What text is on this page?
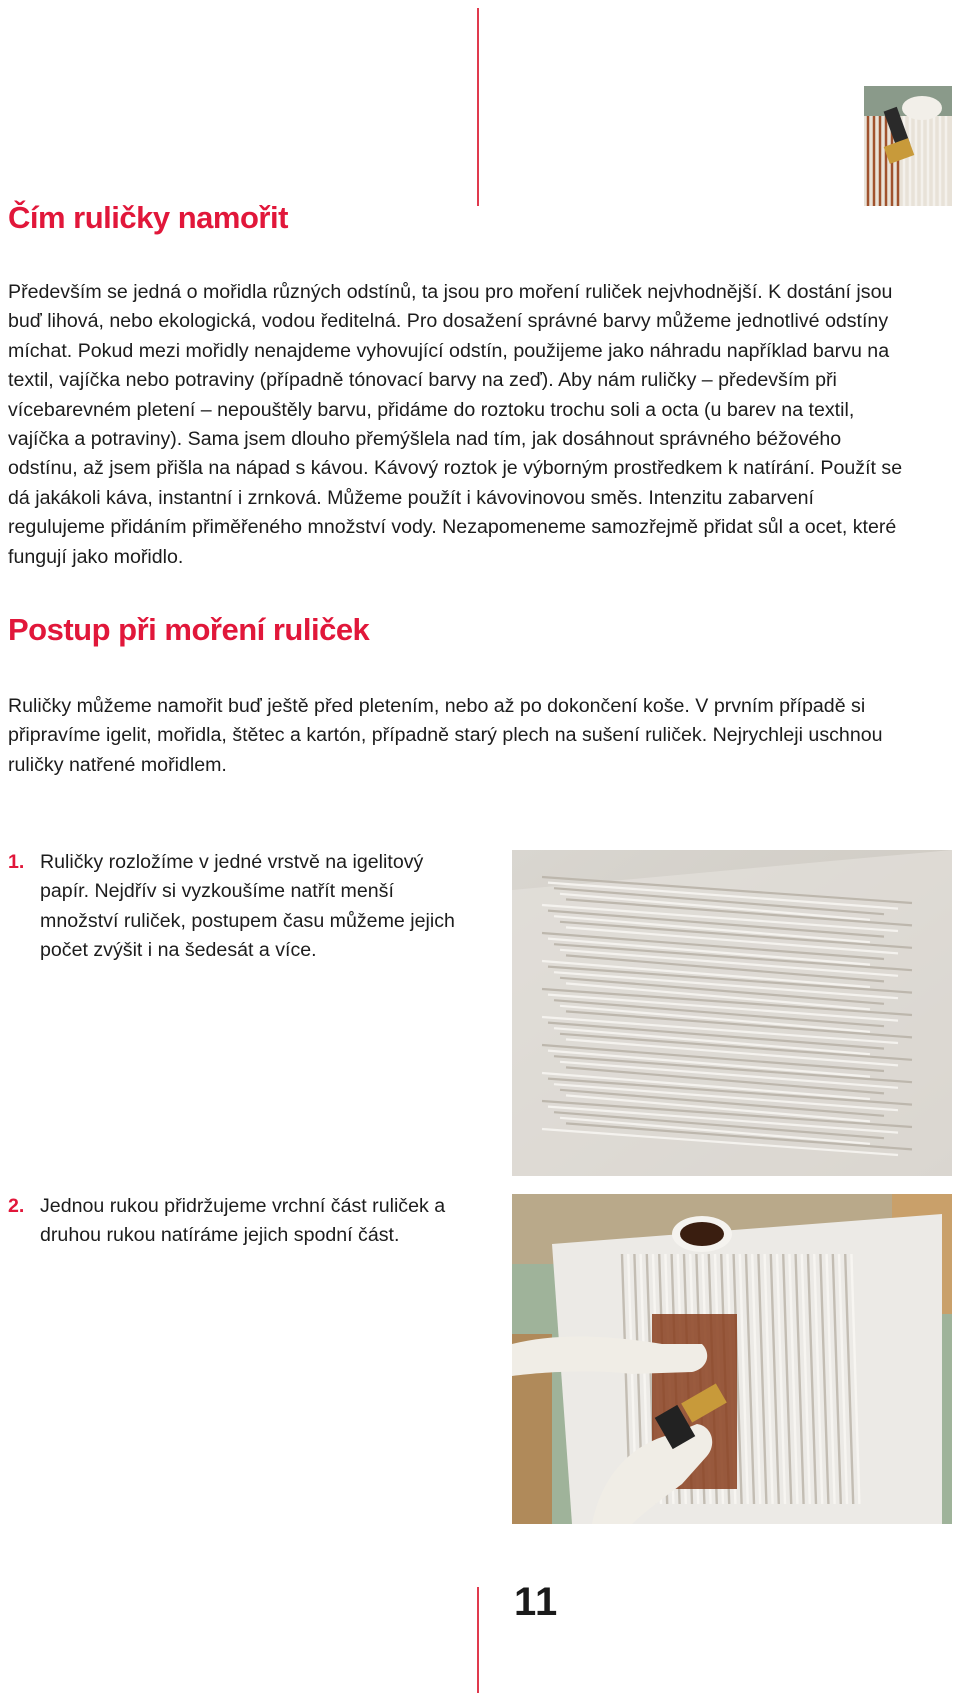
Čím ruličky namořit

Především se jedná o mořidla různých odstínů, ta jsou pro moření ruliček nejvhodnější. K dostání jsou buď lihová, nebo ekologická, vodou ředitelná. Pro dosažení správné barvy můžeme jednotlivé odstíny míchat. Pokud mezi mořidly nenajdeme vyhovující odstín, použijeme jako náhradu například barvu na textil, vajíčka nebo potraviny (případně tónovací barvy na zeď). Aby nám ruličky – především při vícebarevném pletení – nepouštěly barvu, přidáme do roztoku trochu soli a octa (u barev na textil, vajíčka a potraviny). Sama jsem dlouho přemýšlela nad tím, jak dosáhnout správného béžového odstínu, až jsem přišla na nápad s kávou. Kávový roztok je výborným prostředkem k natírání. Použít se dá jakákoli káva, instantní i zrnková. Můžeme použít i kávovinovou směs. Intenzitu zabarvení regulujeme přidáním přiměřeného množství vody. Nezapomeneme samozřejmě přidat sůl a ocet, které fungují jako mořidlo.

Postup při moření ruliček

Ruličky můžeme namořit buď ještě před pletením, nebo až po dokončení koše. V prvním případě si připravíme igelit, mořidla, štětec a kartón, případně starý plech na sušení ruliček. Nejrychleji uschnou ruličky natřené mořidlem.

1. Ruličky rozložíme v jedné vrstvě na igelitový papír. Nejdřív si vyzkoušíme natřít menší množství ruliček, postupem času můžeme jejich počet zvýšit i na šedesát a více.

2. Jednou rukou přidržujeme vrchní část ruliček a druhou rukou natíráme jejich spodní část.

11
